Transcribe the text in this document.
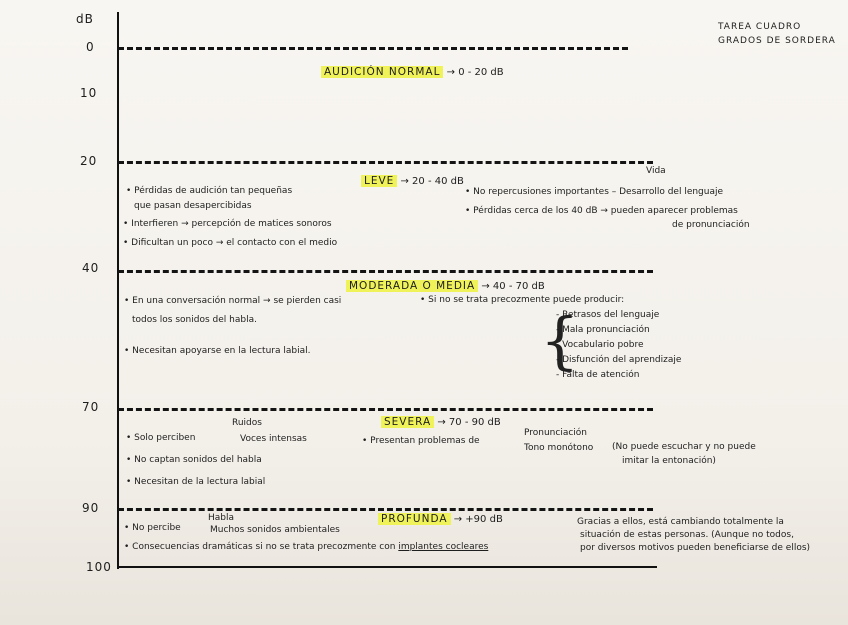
TAREA CUADRO
GRADOS DE SORDERA
dB
0
10
20
40
70
90
100
AUDICIÓN NORMAL → 0 - 20 dB
LEVE → 20 - 40 dB
• Pérdidas de audición tan pequeñas
que pasan desapercibidas
• Interfieren → percepción de matices sonoros
• Dificultan un poco → el contacto con el medio
Vida
• No repercusiones importantes – Desarrollo del lenguaje
• Pérdidas cerca de los 40 dB → pueden aparecer problemas
de pronunciación
MODERADA O MEDIA → 40 - 70 dB
• En una conversación normal → se pierden casi
todos los sonidos del habla.
• Necesitan apoyarse en la lectura labial.
• Si no se trata precozmente puede producir:
{
- Retrasos del lenguaje
- Mala pronunciación
- Vocabulario pobre
- Disfunción del aprendizaje
- Falta de atención
SEVERA → 70 - 90 dB
Ruidos
• Solo perciben	Voces intensas
• No captan sonidos del habla
• Necesitan de la lectura labial
• Presentan problemas de
Pronunciación
Tono monótono (No puede escuchar y no puede
imitar la entonación)
PROFUNDA → +90 dB
Habla
• No percibe	Muchos sonidos ambientales
• Consecuencias dramáticas si no se trata precozmente con implantes cocleares
Gracias a ellos, está cambiando totalmente la
situación de estas personas. (Aunque no todos,
por diversos motivos pueden beneficiarse de ellos)
